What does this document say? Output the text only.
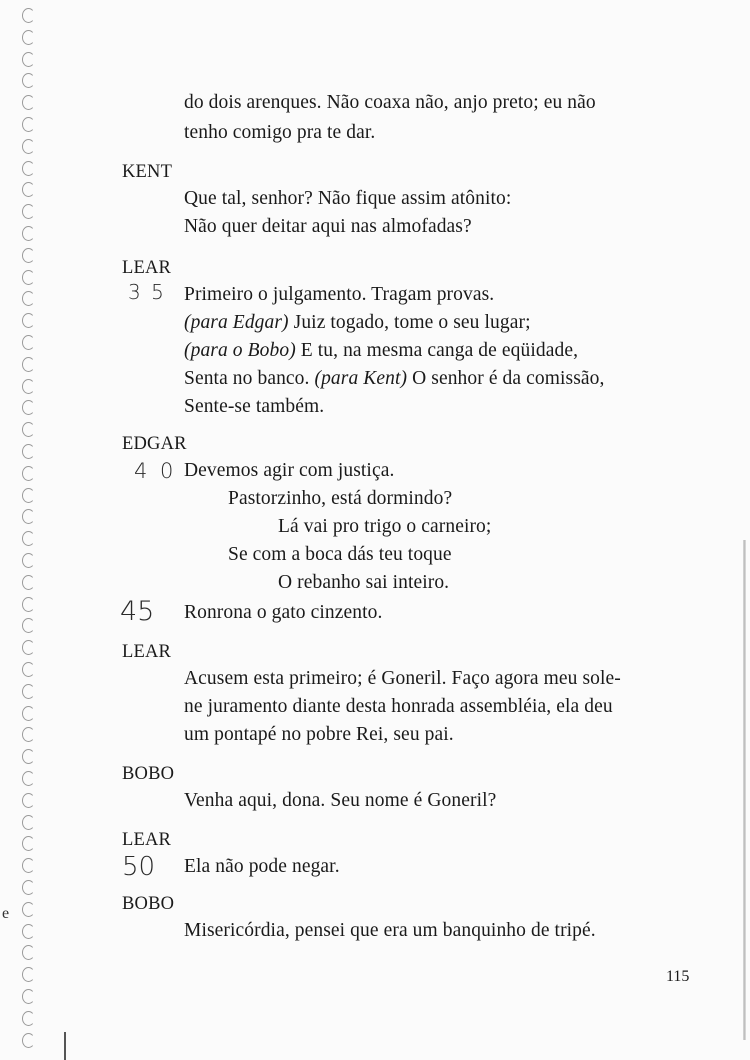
e

do dois arenques. Não coaxa não, anjo preto; eu não

tenho comigo pra te dar.

KENT

Que tal, senhor? Não fique assim atônito:

Não quer deitar aqui nas almofadas?

LEAR

3 5 Primeiro o julgamento. Tragam provas.

(para Edgar) Juiz togado, tome o seu lugar;

(para o Bobo) E tu, na mesma canga de eqüidade,

Senta no banco. (para Kent) O senhor é da comissão,

Sente-se também.

EDGAR

4 0 Devemos agir com justiça.

Pastorzinho, está dormindo?

Lá vai pro trigo o carneiro;

Se com a boca dás teu toque

O rebanho sai inteiro.

45 Ronrona o gato cinzento.

LEAR

Acusem esta primeiro; é Goneril. Faço agora meu sole-

ne juramento diante desta honrada assembléia, ela deu

um pontapé no pobre Rei, seu pai.

BOBO

Venha aqui, dona. Seu nome é Goneril?

LEAR

50 Ela não pode negar.

BOBO

Misericórdia, pensei que era um banquinho de tripé.

115
